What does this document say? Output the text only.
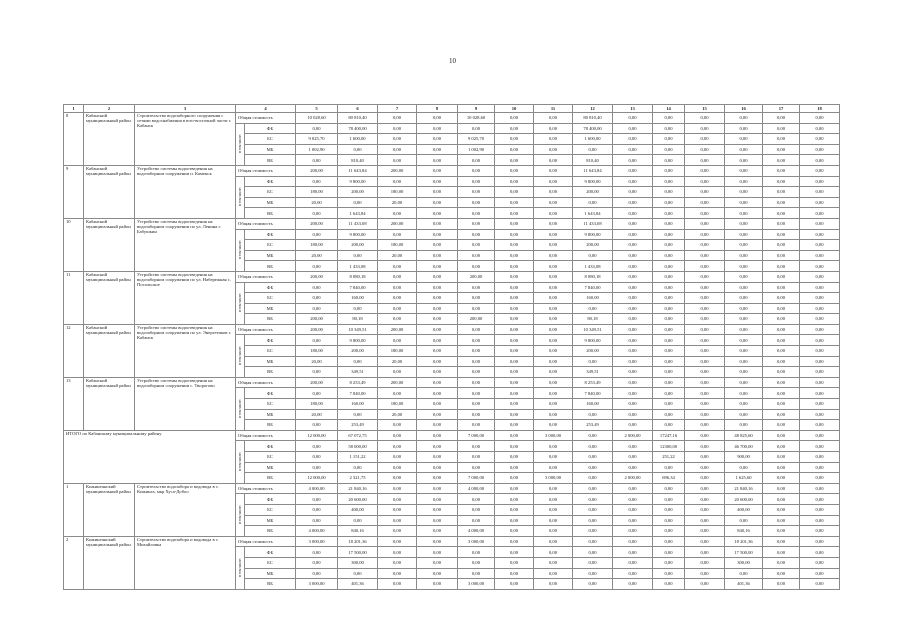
10
1	2	3	4		5	6	7	8	9	10	11	12	13	14	15	16	17	18
8	Кабанский муниципальный район	Строительство водозаборного сооружения с сетями водоснабжения в юго-восточной части г. Кабанск	Общая стоимость		10 028,60	80 810,40	0,00	0,00	10 028,60	0,00	0,00	80 810,40	0,00	0,00	0,00	0,00	0,00	0,00
			в том числе:	ФБ	0,00	78 400,00	0,00	0,00	0,00	0,00	0,00	78 400,00	0,00	0,00	0,00	0,00	0,00	0,00
				БС	9 025,70	1 600,00	0,00	0,00	9 025,70	0,00	0,00	1 600,00	0,00	0,00	0,00	0,00	0,00	0,00
				МБ	1 002,90	0,00	0,00	0,00	1 002,90	0,00	0,00	0,00	0,00	0,00	0,00	0,00	0,00	0,00
				ВБ	0,00	810,40	0,00	0,00	0,00	0,00	0,00	810,40	0,00	0,00	0,00	0,00	0,00	0,00
9	Кабанский муниципальный район	Устройство системы водоотведения на водозаборном сооружении п. Каменск	Общая стоимость		200,00	11 643,84	200,00	0,00	0,00	0,00	0,00	11 643,84	0,00	0,00	0,00	0,00	0,00	0,00
			в том числе:	ФБ	0,00	9 800,00	0,00	0,00	0,00	0,00	0,00	9 800,00	0,00	0,00	0,00	0,00	0,00	0,00
				БС	180,00	200,00	180,00	0,00	0,00	0,00	0,00	200,00	0,00	0,00	0,00	0,00	0,00	0,00
				МБ	20,00	0,00	20,00	0,00	0,00	0,00	0,00	0,00	0,00	0,00	0,00	0,00	0,00	0,00
				ВБ	0,00	1 643,84	0,00	0,00	0,00	0,00	0,00	1 643,84	0,00	0,00	0,00	0,00	0,00	0,00
10	Кабанский муниципальный район	Устройство системы водоотведения на водозаборном сооружении по ул. Ленина г. Бабушкин	Общая стоимость		200,00	11 433,08	200,00	0,00	0,00	0,00	0,00	11 433,08	0,00	0,00	0,00	0,00	0,00	0,00
			в том числе:	ФБ	0,00	9 800,00	0,00	0,00	0,00	0,00	0,00	9 800,00	0,00	0,00	0,00	0,00	0,00	0,00
				БС	180,00	200,00	180,00	0,00	0,00	0,00	0,00	200,00	0,00	0,00	0,00	0,00	0,00	0,00
				МБ	20,00	0,00	20,00	0,00	0,00	0,00	0,00	0,00	0,00	0,00	0,00	0,00	0,00	0,00
				ВБ	0,00	1 433,08	0,00	0,00	0,00	0,00	0,00	1 433,08	0,00	0,00	0,00	0,00	0,00	0,00
11	Кабанский муниципальный район	Устройство системы водоотведения на водозаборном сооружении по ул. Набережная с. Посольское	Общая стоимость		200,00	8 080,18	0,00	0,00	200,00	0,00	0,00	8 080,18	0,00	0,00	0,00	0,00	0,00	0,00
			в том числе:	ФБ	0,00	7 840,00	0,00	0,00	0,00	0,00	0,00	7 840,00	0,00	0,00	0,00	0,00	0,00	0,00
				БС	0,00	160,00	0,00	0,00	0,00	0,00	0,00	160,00	0,00	0,00	0,00	0,00	0,00	0,00
				МБ	0,00	0,00	0,00	0,00	0,00	0,00	0,00	0,00	0,00	0,00	0,00	0,00	0,00	0,00
				ВБ	200,00	80,18	0,00	0,00	200,00	0,00	0,00	80,18	0,00	0,00	0,00	0,00	0,00	0,00
12	Кабанский муниципальный район	Устройство системы водоотведения на водозаборном сооружении по ул. Энергетиков г. Кабанск	Общая стоимость		200,00	10 349,51	200,00	0,00	0,00	0,00	0,00	10 349,51	0,00	0,00	0,00	0,00	0,00	0,00
			в том числе:	ФБ	0,00	9 800,00	0,00	0,00	0,00	0,00	0,00	9 800,00	0,00	0,00	0,00	0,00	0,00	0,00
				БС	180,00	200,00	180,00	0,00	0,00	0,00	0,00	200,00	0,00	0,00	0,00	0,00	0,00	0,00
				МБ	20,00	0,00	20,00	0,00	0,00	0,00	0,00	0,00	0,00	0,00	0,00	0,00	0,00	0,00
				ВБ	0,00	349,51	0,00	0,00	0,00	0,00	0,00	349,51	0,00	0,00	0,00	0,00	0,00	0,00
13	Кабанский муниципальный район	Устройство системы водоотведения на водозаборном сооружении с. Творогово	Общая стоимость		200,00	8 253,49	200,00	0,00	0,00	0,00	0,00	8 253,49	0,00	0,00	0,00	0,00	0,00	0,00
			в том числе:	ФБ	0,00	7 840,00	0,00	0,00	0,00	0,00	0,00	7 840,00	0,00	0,00	0,00	0,00	0,00	0,00
				БС	180,00	160,00	180,00	0,00	0,00	0,00	0,00	160,00	0,00	0,00	0,00	0,00	0,00	0,00
				МБ	20,00	0,00	20,00	0,00	0,00	0,00	0,00	0,00	0,00	0,00	0,00	0,00	0,00	0,00
				ВБ	0,00	253,49	0,00	0,00	0,00	0,00	0,00	253,49	0,00	0,00	0,00	0,00	0,00	0,00
ИТОГО по Кабанскому муниципальному району			Общая стоимость		12 000,00	67 072,75	0,00	0,00	7 000,00	0,00	3 000,00	0,00	2 000,00	17247,16	0,00	48 825,60	0,00	0,00
			в том числе:	ФБ	0,00	58 000,00	0,00	0,00	0,00	0,00	0,00	0,00	0,00	12300,00	0,00	46 700,00	0,00	0,00
				БС	0,00	1 151,22	0,00	0,00	0,00	0,00	0,00	0,00	0,00	251,22	0,00	900,00	0,00	0,00
				МБ	0,00	0,00	0,00	0,00	0,00	0,00	0,00	0,00	0,00	0,00	0,00	0,00	0,00	0,00
				ВБ	12 000,00	2 321,75	0,00	0,00	7 000,00	0,00	3 000,00	0,00	2 000,00	696,34	0,00	1 625,60	0,00	0,00
1	Кижингинский муниципальный район	Строительство водозабора и водовода в с. Кижинга, мкр Хуса-Добоо	Общая стоимость		4 000,00	21 840,16	0,00	0,00	4 000,00	0,00	0,00	0,00	0,00	0,00	0,00	21 840,16	0,00	0,00
			в том числе:	ФБ	0,00	20 600,00	0,00	0,00	0,00	0,00	0,00	0,00	0,00	0,00	0,00	20 600,00	0,00	0,00
				БС	0,00	400,00	0,00	0,00	0,00	0,00	0,00	0,00	0,00	0,00	0,00	400,00	0,00	0,00
				МБ	0,00	0,00	0,00	0,00	0,00	0,00	0,00	0,00	0,00	0,00	0,00	0,00	0,00	0,00
				ВБ	4 000,00	840,16	0,00	0,00	4 000,00	0,00	0,00	0,00	0,00	0,00	0,00	840,16	0,00	0,00
2	Кижингинский муниципальный район	Строительство водозабора и водовода в с. Михайловка	Общая стоимость		3 000,00	18 201,36	0,00	0,00	3 000,00	0,00	0,00	0,00	0,00	0,00	0,00	18 201,36	0,00	0,00
			в том числе:	ФБ	0,00	17 500,00	0,00	0,00	0,00	0,00	0,00	0,00	0,00	0,00	0,00	17 500,00	0,00	0,00
				БС	0,00	300,00	0,00	0,00	0,00	0,00	0,00	0,00	0,00	0,00	0,00	300,00	0,00	0,00
				МБ	0,00	0,00	0,00	0,00	0,00	0,00	0,00	0,00	0,00	0,00	0,00	0,00	0,00	0,00
				ВБ	3 000,00	401,36	0,00	0,00	3 000,00	0,00	0,00	0,00	0,00	0,00	0,00	401,36	0,00	0,00
